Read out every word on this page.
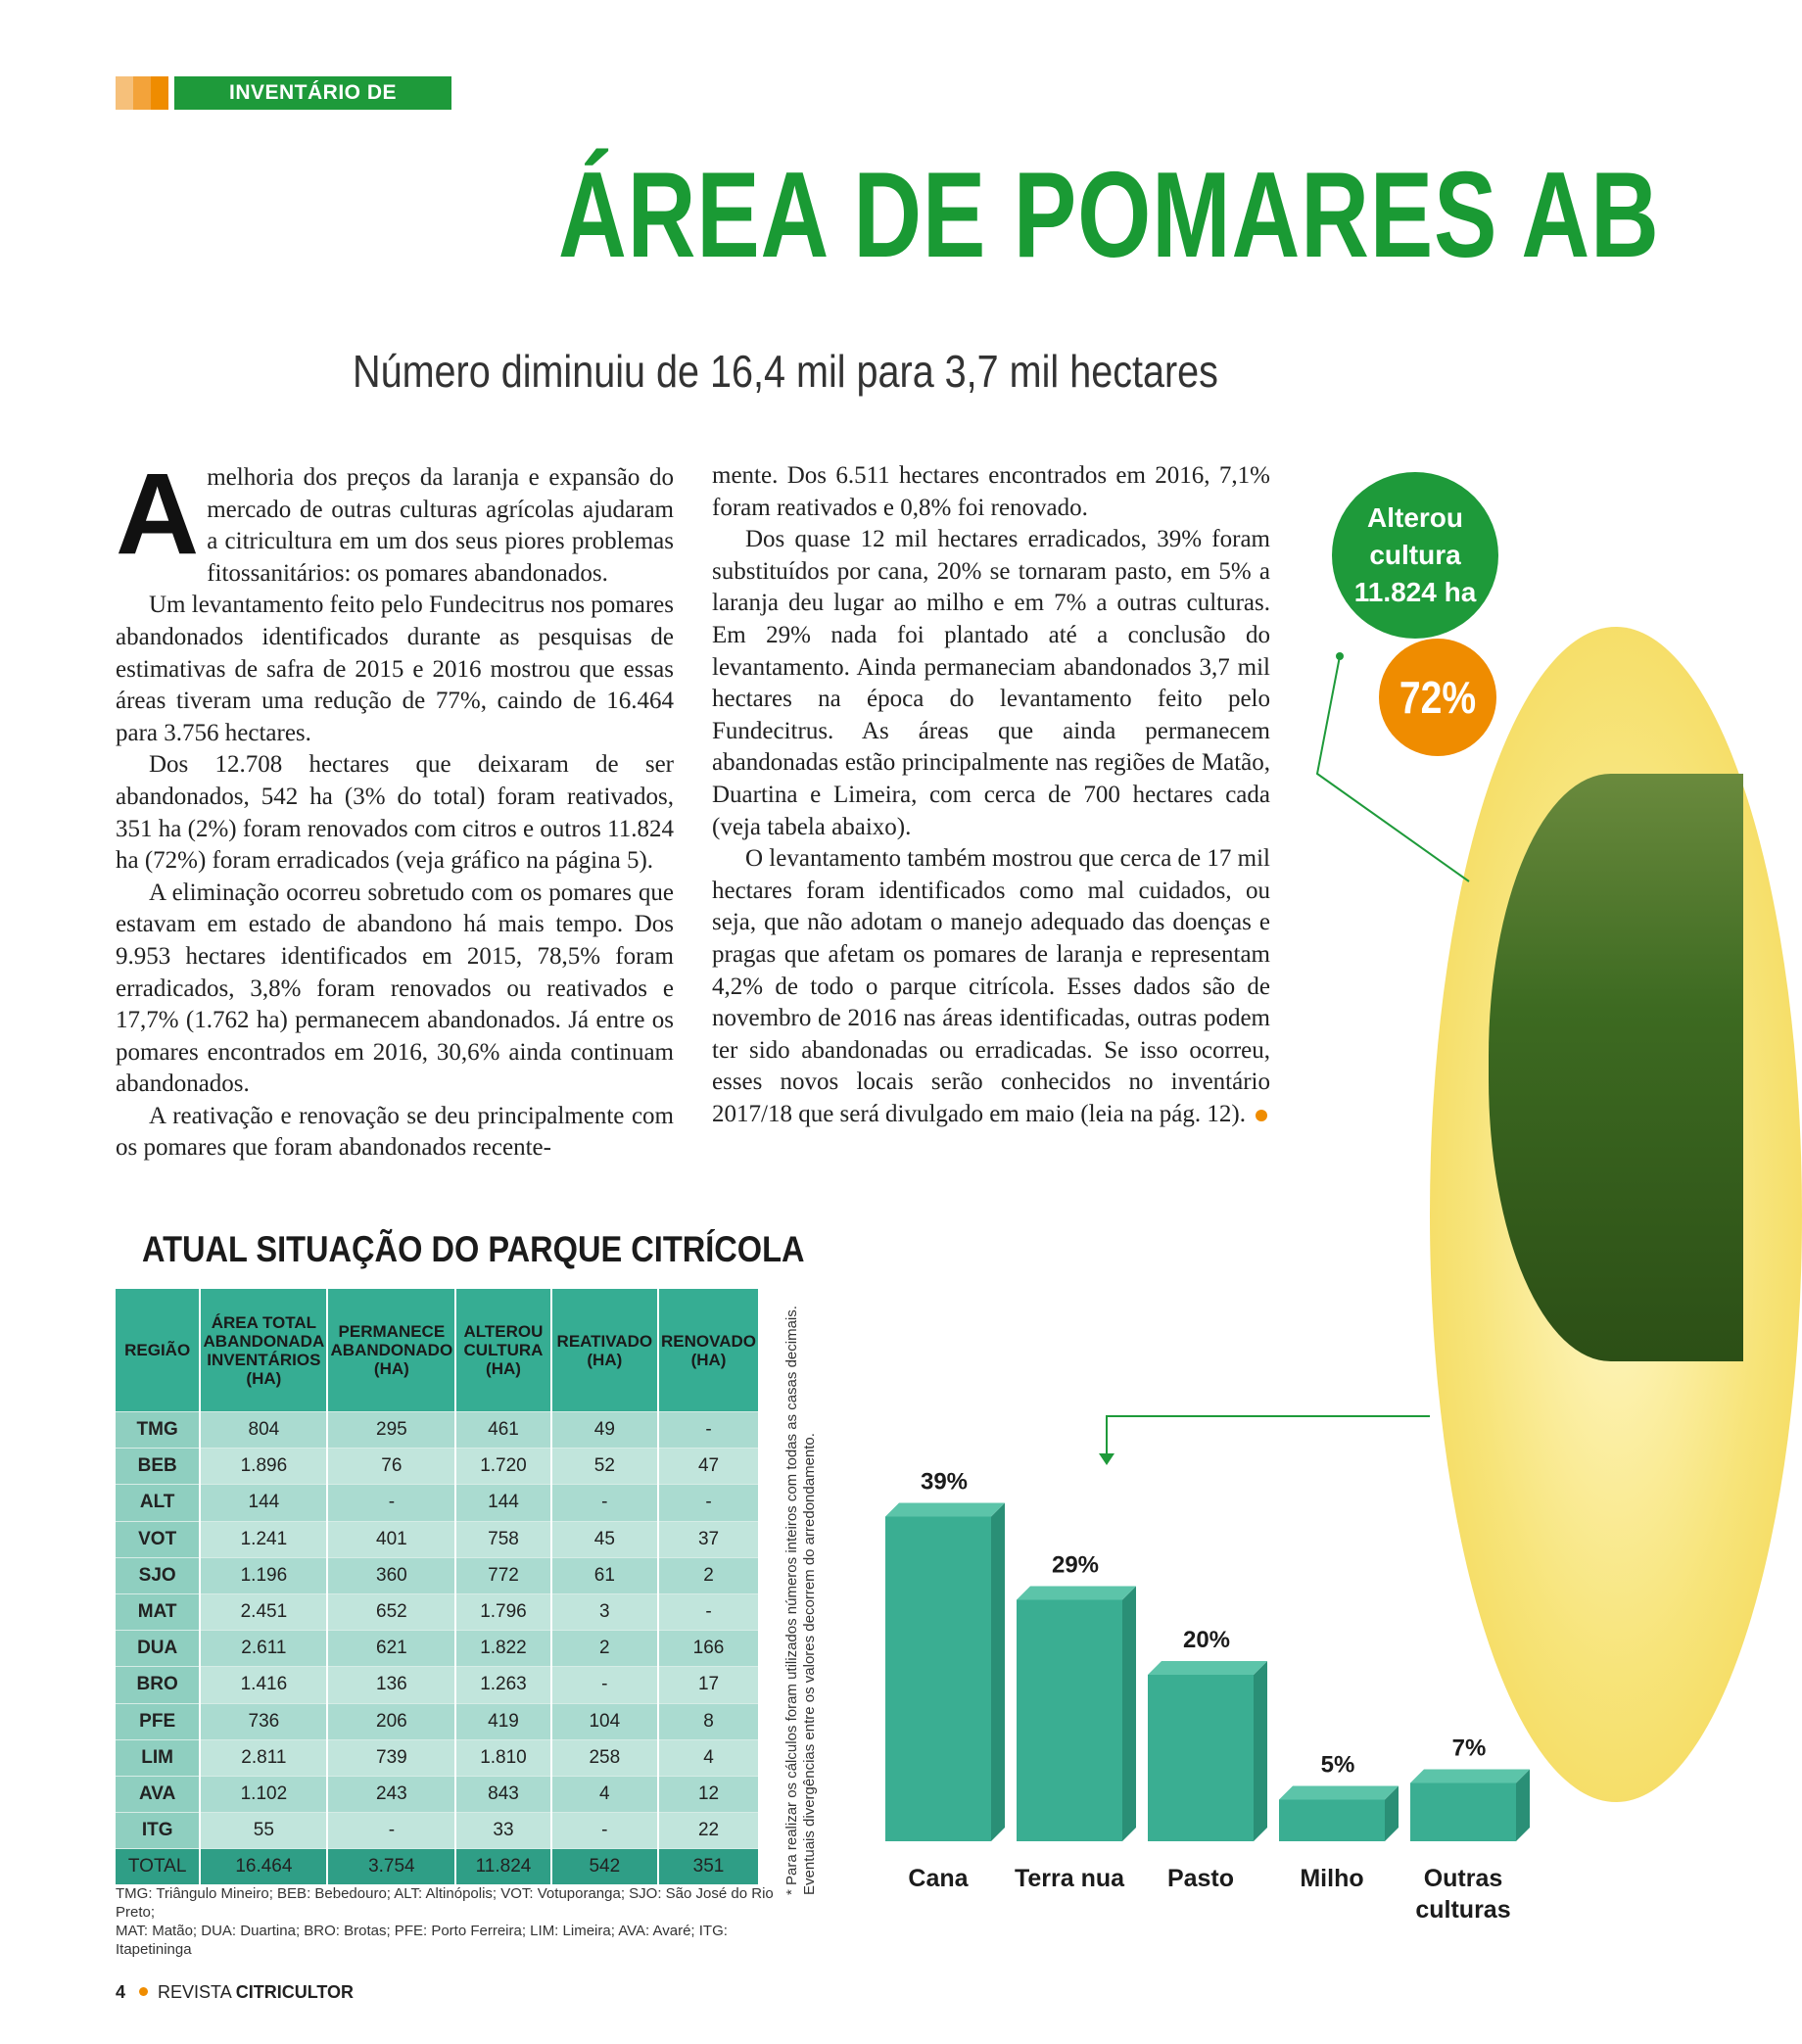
INVENTÁRIO DE ÁRVORES
ÁREA DE POMARES AB
Número diminuiu de 16,4 mil para 3,7 mil hectares

Amelhoria dos preços da laranja e expansão do mercado de outras culturas agrícolas ajudaram a citricultura em um dos seus piores problemas fitossanitários: os pomares abandonados.

Um levantamento feito pelo Fundecitrus nos pomares abandonados identificados durante as pesquisas de estimativas de safra de 2015 e 2016 mostrou que essas áreas tiveram uma redução de 77%, caindo de 16.464 para 3.756 hectares.

Dos 12.708 hectares que deixaram de ser abandonados, 542 ha (3% do total) foram reativados, 351 ha (2%) foram renovados com citros e outros 11.824 ha (72%) foram erradicados (veja gráfico na página 5).

A eliminação ocorreu sobretudo com os pomares que estavam em estado de abandono há mais tempo. Dos 9.953 hectares identificados em 2015, 78,5% foram erradicados, 3,8% foram renovados ou reativados e 17,7% (1.762 ha) permanecem abandonados. Já entre os pomares encontrados em 2016, 30,6% ainda continuam abandonados.

A reativação e renovação se deu principalmente com os pomares que foram abandonados recente-

mente. Dos 6.511 hectares encontrados em 2016, 7,1% foram reativados e 0,8% foi renovado.

Dos quase 12 mil hectares erradicados, 39% foram substituídos por cana, 20% se tornaram pasto, em 5% a laranja deu lugar ao milho e em 7% a outras culturas. Em 29% nada foi plantado até a conclusão do levantamento. Ainda permaneciam abandonados 3,7 mil hectares na época do levantamento feito pelo Fundecitrus. As áreas que ainda permanecem abandonadas estão principalmente nas regiões de Matão, Duartina e Limeira, com cerca de 700 hectares cada (veja tabela abaixo).

O levantamento também mostrou que cerca de 17 mil hectares foram identificados como mal cuidados, ou seja, que não adotam o manejo adequado das doenças e pragas que afetam os pomares de laranja e representam 4,2% de todo o parque citrícola. Esses dados são de novembro de 2016 nas áreas identificadas, outras podem ter sido abandonadas ou erradicadas. Se isso ocorreu, esses novos locais serão conhecidos no inventário 2017/18 que será divulgado em maio (leia na pág. 12).

Alterou
cultura
11.824 ha
72%
ATUAL SITUAÇÃO DO PARQUE CITRÍCOLA
REGIÃO	ÁREA TOTAL ABANDONADA INVENTÁRIOS (HA)	PERMANECE ABANDONADO (HA)	ALTEROU CULTURA (HA)	REATIVADO (HA)	RENOVADO (HA)
TMG	804	295	461	49	-
BEB	1.896	76	1.720	52	47
ALT	144	-	144	-	-
VOT	1.241	401	758	45	37
SJO	1.196	360	772	61	2
MAT	2.451	652	1.796	3	-
DUA	2.611	621	1.822	2	166
BRO	1.416	136	1.263	-	17
PFE	736	206	419	104	8
LIM	2.811	739	1.810	258	4
AVA	1.102	243	843	4	12
ITG	55	-	33	-	22
TOTAL	16.464	3.754	11.824	542	351
TMG: Triângulo Mineiro; BEB: Bebedouro; ALT: Altinópolis; VOT: Votuporanga; SJO: São José do Rio Preto;
MAT: Matão; DUA: Duartina; BRO: Brotas; PFE: Porto Ferreira; LIM: Limeira; AVA: Avaré; ITG: Itapetininga
* Para realizar os cálculos foram utilizados números inteiros com todas as casas decimais. Eventuais divergências entre os valores decorrem do arredondamento.	39%
Cana
29%
Terra nua
20%
Pasto
5%
Milho
7%
Outras
culturas
4 REVISTA CITRICULTOR
